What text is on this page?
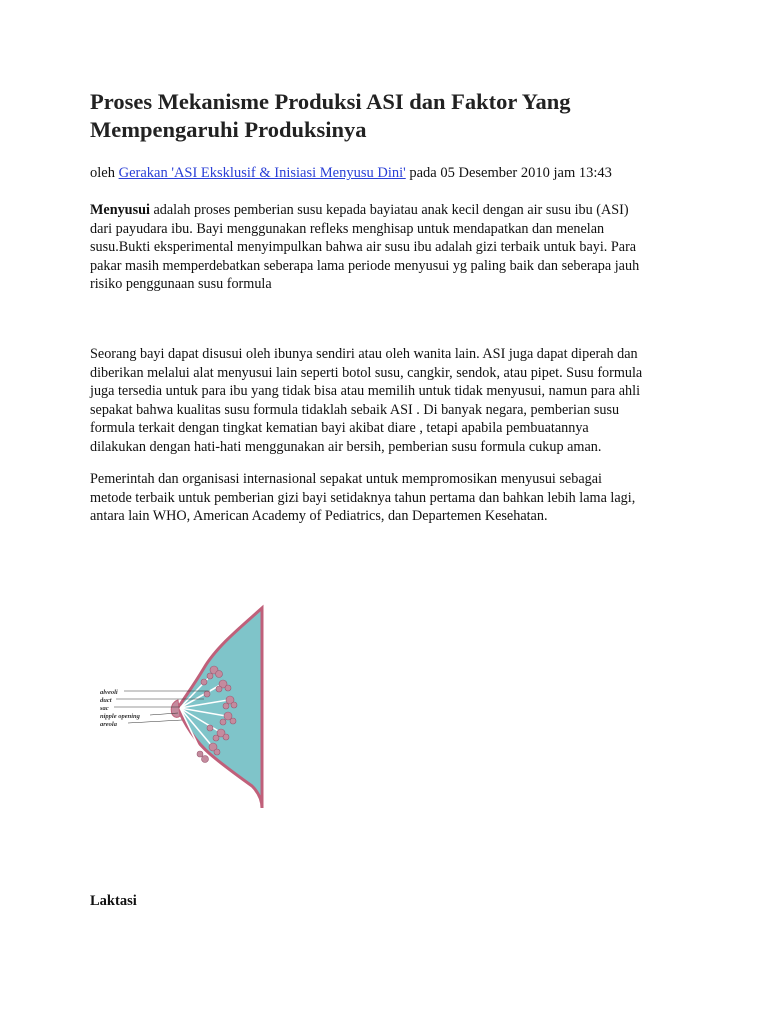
Proses Mekanisme Produksi ASI dan Faktor Yang Mempengaruhi Produksinya

oleh Gerakan 'ASI Eksklusif & Inisiasi Menyusu Dini' pada 05 Desember 2010 jam 13:43

Menyusui adalah proses pemberian susu kepada bayiatau anak kecil dengan air susu ibu (ASI)
dari payudara ibu. Bayi menggunakan refleks menghisap untuk mendapatkan dan menelan
susu.Bukti eksperimental menyimpulkan bahwa air susu ibu adalah gizi terbaik untuk bayi. Para
pakar masih memperdebatkan seberapa lama periode menyusui yg paling baik dan seberapa jauh
risiko penggunaan susu formula

Seorang bayi dapat disusui oleh ibunya sendiri atau oleh wanita lain. ASI juga dapat diperah dan
diberikan melalui alat menyusui lain seperti botol susu, cangkir, sendok, atau pipet. Susu formula
juga tersedia untuk para ibu yang tidak bisa atau memilih untuk tidak menyusui, namun para ahli
sepakat bahwa kualitas susu formula tidaklah sebaik ASI . Di banyak negara, pemberian susu
formula terkait dengan tingkat kematian bayi akibat diare , tetapi apabila pembuatannya
dilakukan dengan hati-hati menggunakan air bersih, pemberian susu formula cukup aman.

Pemerintah dan organisasi internasional sepakat untuk mempromosikan menyusui sebagai
metode terbaik untuk pemberian gizi bayi setidaknya tahun pertama dan bahkan lebih lama lagi,
antara lain WHO, American Academy of Pediatrics, dan Departemen Kesehatan.

alveoli
duct
sac
nipple opening
areola
Laktasi
